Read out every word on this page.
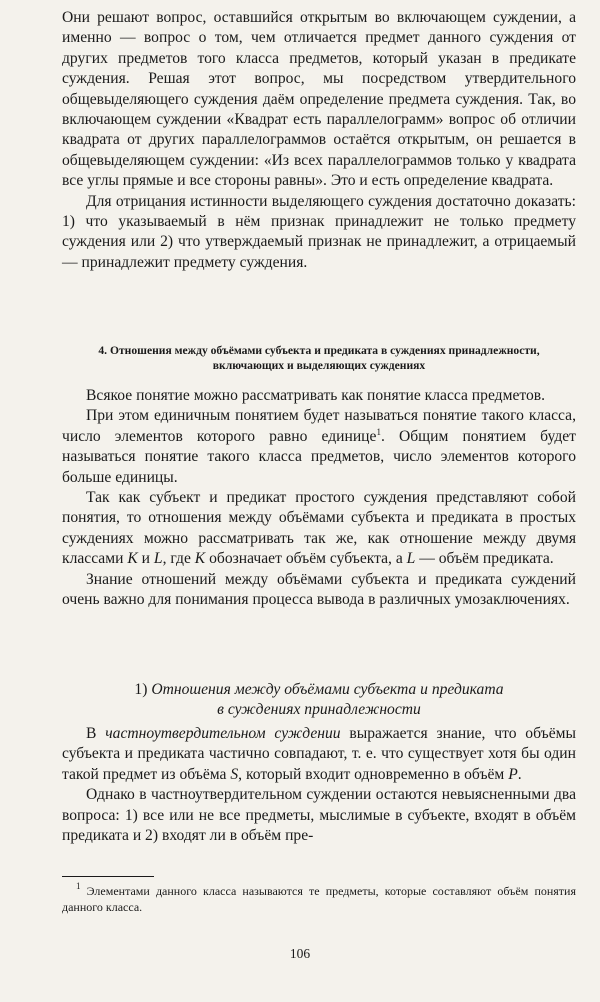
Они решают вопрос, оставшийся открытым во включающем суждении, а именно — вопрос о том, чем отличается предмет данного суждения от других предметов того класса предметов, который указан в предикате суждения. Решая этот вопрос, мы посредством утвердительного общевыделяющего суждения даём определение предмета суждения. Так, во включающем суждении «Квадрат есть параллелограмм» вопрос об отличии квадрата от других параллелограммов остаётся открытым, он решается в общевыделяющем суждении: «Из всех параллелограммов только у квадрата все углы прямые и все стороны равны». Это и есть определение квадрата.

Для отрицания истинности выделяющего суждения достаточно доказать: 1) что указываемый в нём признак принадлежит не только предмету суждения или 2) что утверждаемый признак не принадлежит, а отрицаемый — принадлежит предмету суждения.

4. Отношения между объёмами субъекта и предиката в суждениях принадлежности, включающих и выделяющих суждениях

Всякое понятие можно рассматривать как понятие класса предметов.

При этом единичным понятием будет называться понятие такого класса, число элементов которого равно единице$^1$. Общим понятием будет называться понятие такого класса предметов, число элементов которого больше единицы.

Так как субъект и предикат простого суждения представляют собой понятия, то отношения между объёмами субъекта и предиката в простых суждениях можно рассматривать так же, как отношение между двумя классами K и L, где K обозначает объём субъекта, а L — объём предиката.

Знание отношений между объёмами субъекта и предиката суждений очень важно для понимания процесса вывода в различных умозаключениях.

1) Отношения между объёмами субъекта и предиката
в суждениях принадлежности

В частноутвердительном суждении выражается знание, что объёмы субъекта и предиката частично совпадают, т. е. что существует хотя бы один такой предмет из объёма S, который входит одновременно в объём P.

Однако в частноутвердительном суждении остаются невыясненными два вопроса: 1) все или не все предметы, мыслимые в субъекте, входят в объём предиката и 2) входят ли в объём пре-

$^1$ Элементами данного класса называются те предметы, которые составляют объём понятия данного класса.

106
